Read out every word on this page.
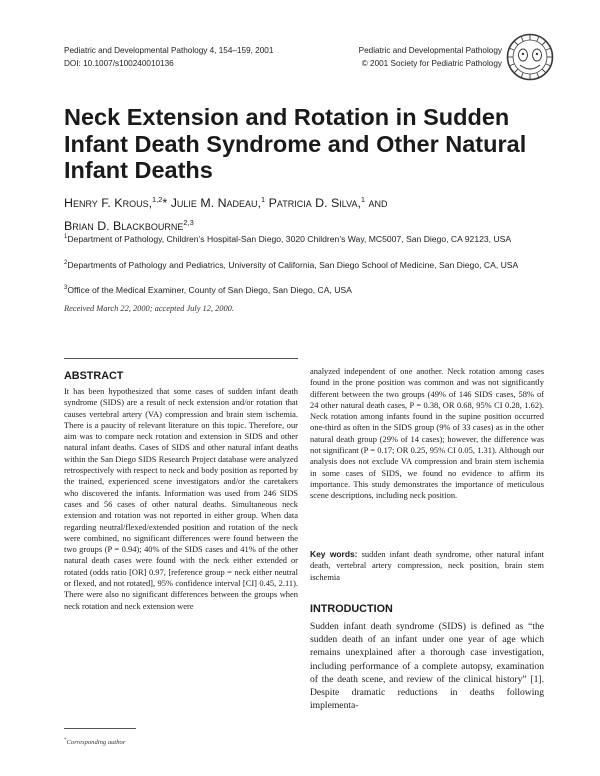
Pediatric and Developmental Pathology 4, 154–159, 2001
DOI: 10.1007/s100240010136
Pediatric and Developmental Pathology
© 2001 Society for Pediatric Pathology
Neck Extension and Rotation in Sudden Infant Death Syndrome and Other Natural Infant Deaths
Henry F. Krous,$^{1,2}$* Julie M. Nadeau,$^1$ Patricia D. Silva,$^1$ and
Brian D. Blackbourne$^{2,3}$
$^1$Department of Pathology, Children’s Hospital-San Diego, 3020 Children’s Way, MC5007, San Diego, CA 92123, USA
$^2$Departments of Pathology and Pediatrics, University of California, San Diego School of Medicine, San Diego, CA, USA
$^3$Office of the Medical Examiner, County of San Diego, San Diego, CA, USA
Received March 22, 2000; accepted July 12, 2000.
ABSTRACT

It has been hypothesized that some cases of sudden infant death syndrome (SIDS) are a result of neck extension and/or rotation that causes vertebral artery (VA) compression and brain stem ischemia. There is a paucity of relevant literature on this topic. Therefore, our aim was to compare neck rotation and extension in SIDS and other natural infant deaths. Cases of SIDS and other natural infant deaths within the San Diego SIDS Research Project database were analyzed retrospectively with respect to neck and body position as reported by the trained, experienced scene investigators and/or the caretakers who discovered the infants. Information was used from 246 SIDS cases and 56 cases of other natural deaths. Simultaneous neck extension and rotation was not reported in either group. When data regarding neutral/flexed/extended position and rotation of the neck were combined, no significant differences were found between the two groups (P = 0.94); 40% of the SIDS cases and 41% of the other natural death cases were found with the neck either extended or rotated (odds ratio [OR] 0.97, [reference group = neck either neutral or flexed, and not rotated], 95% confidence interval [CI] 0.45, 2.11). There were also no significant differences between the groups when neck rotation and neck extension were

analyzed independent of one another. Neck rotation among cases found in the prone position was common and was not significantly different between the two groups (49% of 146 SIDS cases, 58% of 24 other natural death cases, P = 0.38, OR 0.68, 95% CI 0.28, 1.62). Neck rotation among infants found in the supine position occurred one-third as often in the SIDS group (9% of 33 cases) as in the other natural death group (29% of 14 cases); however, the difference was not significant (P = 0.17; OR 0.25, 95% CI 0.05, 1.31). Although our analysis does not exclude VA compression and brain stem ischemia in some cases of SIDS, we found no evidence to affirm its importance. This study demonstrates the importance of meticulous scene descriptions, including neck position.

Key words: sudden infant death syndrome, other natural infant death, vertebral artery compression, neck position, brain stem ischemia
INTRODUCTION
Sudden infant death syndrome (SIDS) is defined as “the sudden death of an infant under one year of age which remains unexplained after a thorough case investigation, including performance of a complete autopsy, examination of the death scene, and review of the clinical history” [1]. Despite dramatic reductions in deaths following implementa-
*Corresponding author
